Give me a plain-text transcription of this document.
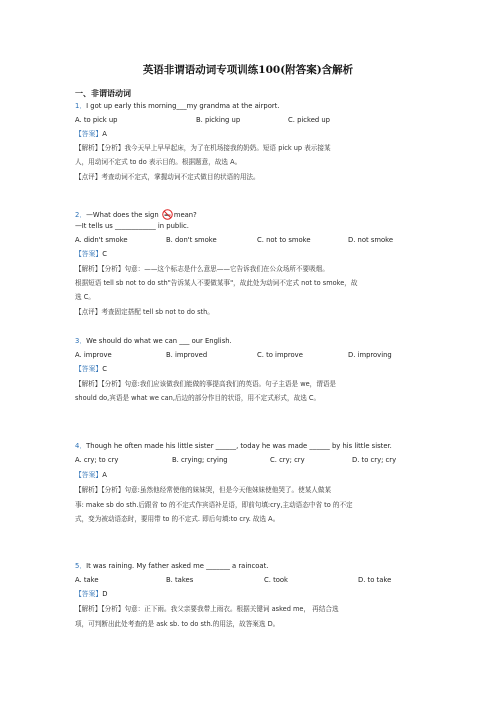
英语非谓语动词专项训练100(附答案)含解析
一、非谓语动词
1．I got up early this morning___my grandma at the airport.
A. to pick up	B. picking up	C. picked up
【答案】A
【解析】【分析】我今天早上早早起床，为了在机场接我的奶奶。短语 pick up 表示接某
人，用动词不定式 to do 表示目的。根据题意，故选 A。
【点评】考查动词不定式，掌握动词不定式做目的状语的用法。
2．—What does the sign mean?
—It tells us ____________ in public.
A. didn't smoke	B. don't smoke	C. not to smoke	D. not smoke
【答案】C
【解析】【分析】句意：——这个标志是什么意思——它告诉我们在公众场所不要吸烟。
根据短语 tell sb not to do sth"告诉某人不要做某事"，故此处为动词不定式 not to smoke，故
选 C。
【点评】考查固定搭配 tell sb not to do sth。
3．We should do what we can ___ our English.
A. improve	B. improved	C. to improve	D. improving
【答案】C
【解析】【分析】句意:我们应该做我们能做的事提高我们的英语。句子主语是 we，谓语是
should do,宾语是 what we can,后边的部分作目的状语，用不定式形式，故选 C。
4．Though he often made his little sister ______, today he was made ______ by his little sister.
A. cry; to cry	B. crying; crying	C. cry; cry	D. to cry; cry
【答案】A
【解析】【分析】句意:虽然他经常使他的妹妹哭，但是今天他妹妹使他哭了。使某人做某
事: make sb do sth.后跟省 to 的不定式作宾语补足语，即前句填:cry,主动语态中省 to 的不定
式，变为被动语态时，要用带 to 的不定式. 即后句填:to cry. 故选 A。
5．It was raining. My father asked me _______ a raincoat.
A. take	B. takes	C. took	D. to take
【答案】D
【解析】【分析】句意：正下雨。我父亲要我带上雨衣。根据关键词 asked me， 再结合选
项，可判断出此处考查的是 ask sb. to do sth.的用法，故答案选 D。
